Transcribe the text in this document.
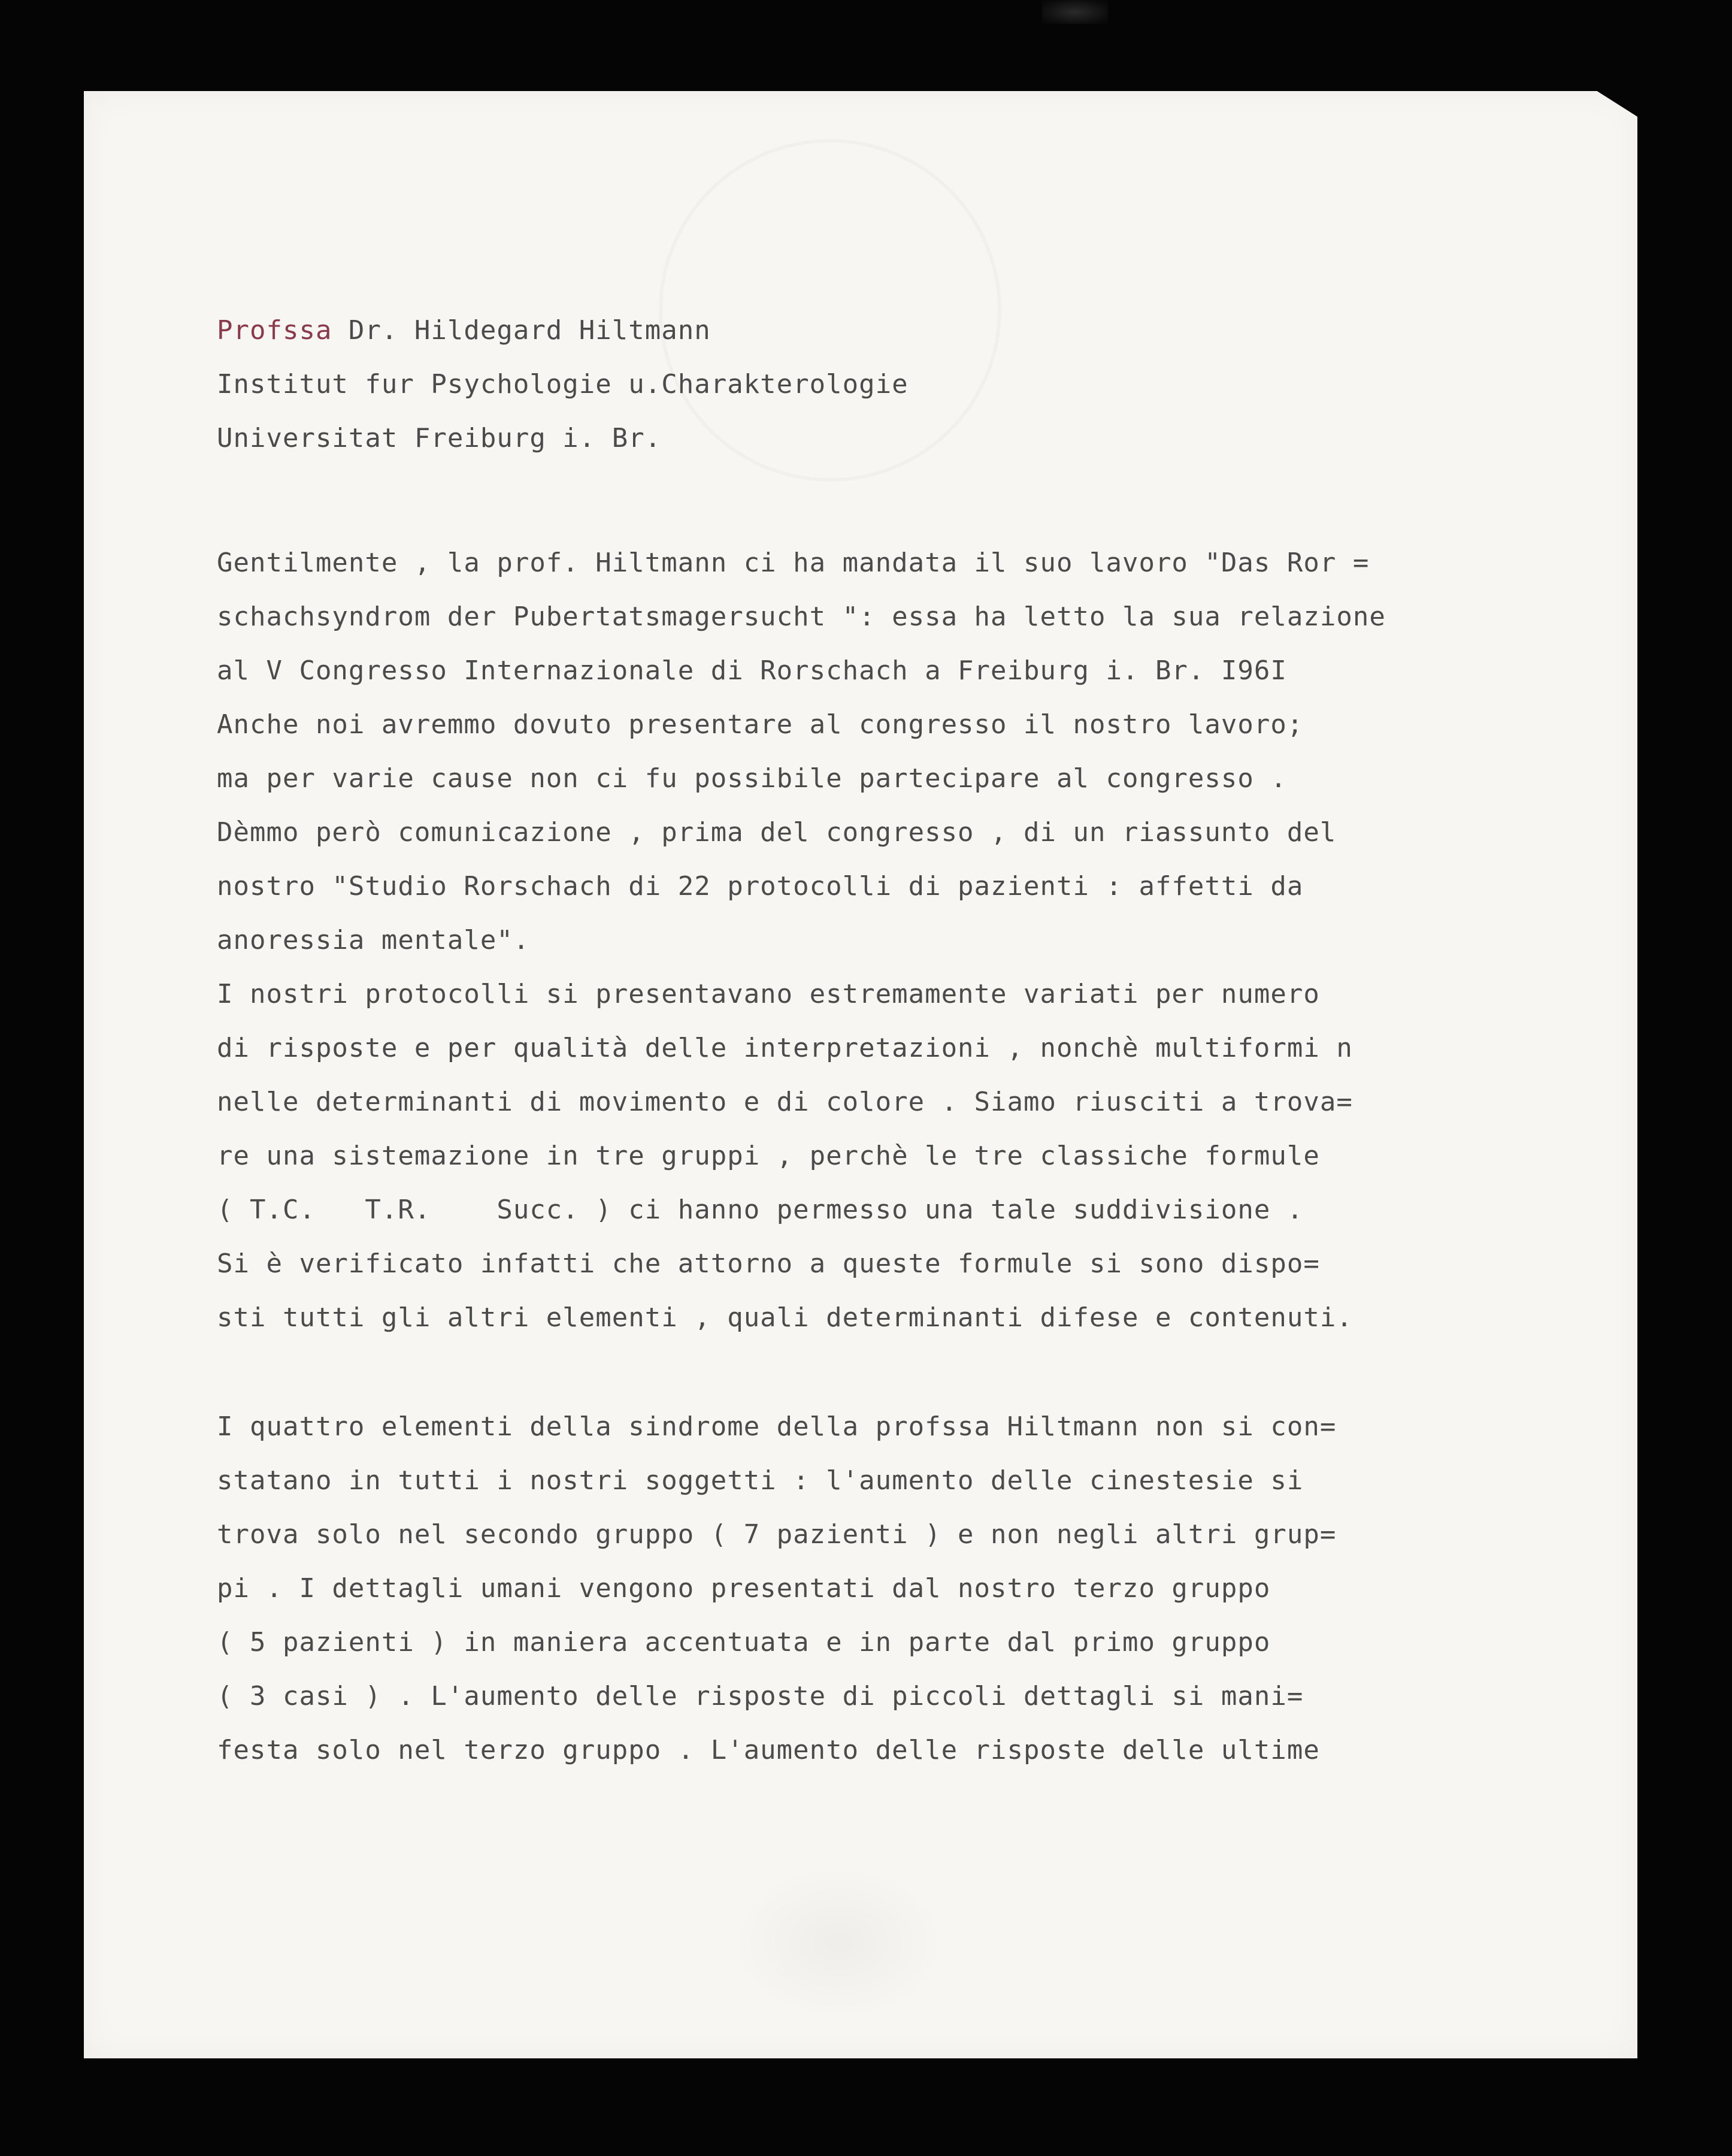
Profssa Dr. Hildegard Hiltmann

Institut fur Psychologie u.Charakterologie

Universitat Freiburg i. Br.

Gentilmente , la prof. Hiltmann ci ha mandata il suo lavoro "Das Ror =

schachsyndrom der Pubertatsmagersucht ": essa ha letto la sua relazione

al V Congresso Internazionale di Rorschach a Freiburg i. Br. I96I

Anche noi avremmo dovuto presentare al congresso il nostro lavoro;

ma per varie cause non ci fu possibile partecipare al congresso .

Dèmmo però comunicazione , prima del congresso , di un riassunto del

nostro "Studio Rorschach di 22 protocolli di pazienti : affetti da

anoressia mentale".

I nostri protocolli si presentavano estremamente variati per numero

di risposte e per qualità delle interpretazioni , nonchè multiformi n

nelle determinanti di movimento e di colore . Siamo riusciti a trova=

re una sistemazione in tre gruppi , perchè le tre classiche formule

( T.C.   T.R.    Succ. ) ci hanno permesso una tale suddivisione .

Si è verificato infatti che attorno a queste formule si sono dispo=

sti tutti gli altri elementi , quali determinanti difese e contenuti.

I quattro elementi della sindrome della profssa Hiltmann non si con=

statano in tutti i nostri soggetti : l'aumento delle cinestesie si

trova solo nel secondo gruppo ( 7 pazienti ) e non negli altri grup=

pi . I dettagli umani vengono presentati dal nostro terzo gruppo

( 5 pazienti ) in maniera accentuata e in parte dal primo gruppo

( 3 casi ) . L'aumento delle risposte di piccoli dettagli si mani=

festa solo nel terzo gruppo . L'aumento delle risposte delle ultime
